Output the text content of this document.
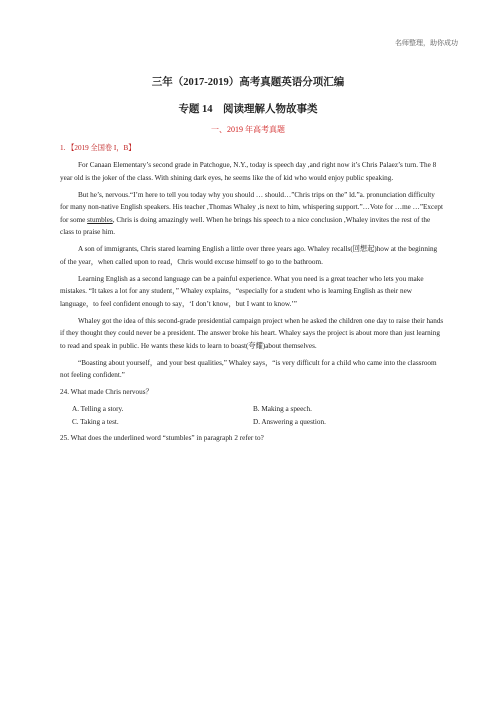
名师整理，助你成功
三年（2017-2019）高考真题英语分项汇编
专题 14　阅读理解人物故事类
一、2019 年高考真题

1. 【2019 全国卷 I，B】

For Canaan Elementary’s second grade in Patchogue, N.Y., today is speech day ,and right now it’s Chris Palaez’s turn. The 8 year old is the joker of the class. With shining dark eyes, he seems like the of kid who would enjoy public speaking.

But he’s, nervous.“I’m here to tell you today why you should … should…”Chris trips on the” ld.”a. pronunciation difficulty for many non-native English speakers. His teacher ,Thomas Whaley ,is next to him, whispering support.”…Vote for …me …”Except for some stumbles, Chris is doing amazingly well. When he brings his speech to a nice conclusion ,Whaley invites the rest of the class to praise him.

A son of immigrants, Chris stared learning English a little over three years ago. Whaley recalls(回想起)how at the beginning of the year，when called upon to read，Chris would excuse himself to go to the bathroom.

Learning English as a second language can be a painful experience. What you need is a great teacher who lets you make mistakes. “It takes a lot for any student，” Whaley explains，“especially for a student who is learning English as their new language，to feel confident enough to say，‘I don’t know，but I want to know.’”

Whaley got the idea of this second-grade presidential campaign project when he asked the children one day to raise their hands if they thought they could never be a president. The answer broke his heart. Whaley says the project is about more than just learning to read and speak in public. He wants these kids to learn to boast(夸耀)about themselves.

“Boasting about yourself，and your best qualities,” Whaley says，“is very difficult for a child who came into the classroom not feeling confident.”

24. What made Chris nervous？

A. Telling a story.	B. Making a speech.
C. Taking a test.	D. Answering a question.

25. What does the underlined word “stumbles” in paragraph 2 refer to?
